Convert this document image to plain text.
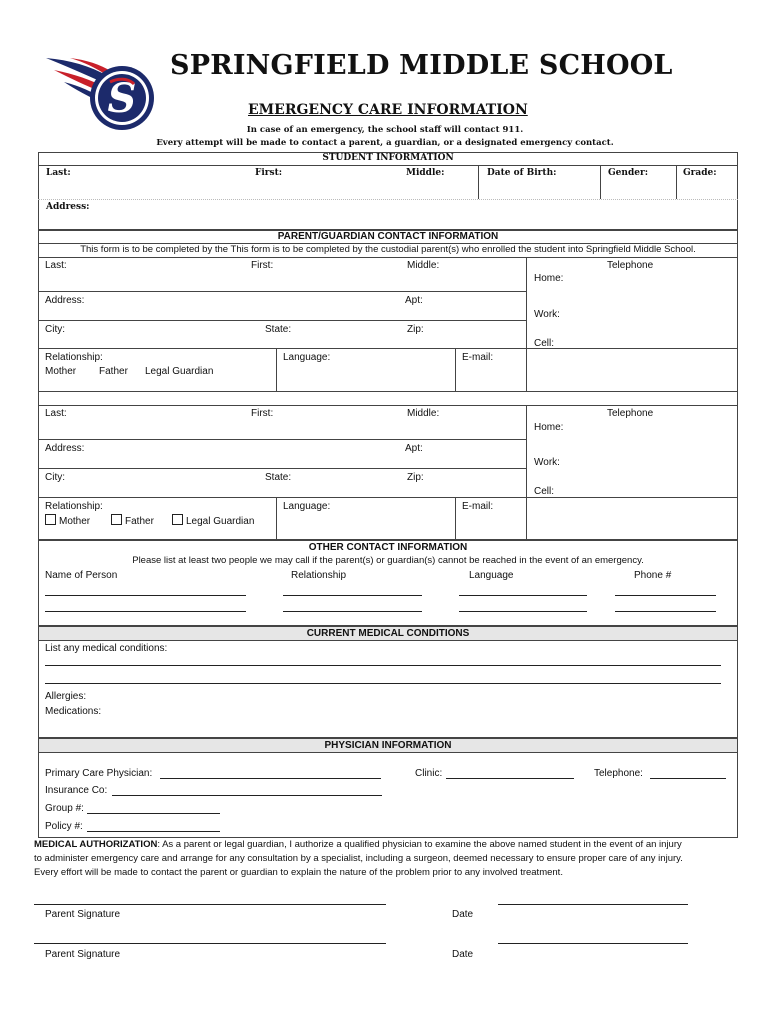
S
SPRINGFIELD MIDDLE SCHOOL
EMERGENCY CARE INFORMATION
In case of an emergency, the school staff will contact 911.
Every attempt will be made to contact a parent, a guardian, or a designated emergency contact.
STUDENT INFORMATION
Last:	First:	Middle:	Date of Birth:	Gender:	Grade:
Address:
PARENT/GUARDIAN CONTACT INFORMATION
This form is to be completed by the This form is to be completed by the custodial parent(s) who enrolled the student into Springfield Middle School.
Last:	First:	Middle:	Telephone
Home:
Address:	Apt:
Work:
City:	State:	Zip:
Cell:
Relationship:	Language:	E-mail:
Mother Father Legal Guardian
Last:	First:	Middle:	Telephone
Home:
Address:	Apt:
Work:
City:	State:	Zip:
Cell:
Relationship:	Language:	E-mail:
Mother	Father	Legal Guardian
OTHER CONTACT INFORMATION
Please list at least two people we may call if the parent(s) or guardian(s) cannot be reached in the event of an emergency.
Name of Person	Relationship	Language	Phone #
CURRENT MEDICAL CONDITIONS
List any medical conditions:
Allergies:
Medications:
PHYSICIAN INFORMATION
Primary Care Physician:	Clinic:	Telephone:
Insurance Co:
Group #:
Policy #:
MEDICAL AUTHORIZATION: As a parent or legal guardian, I authorize a qualified physician to examine the above named student in the event of an injury
to administer emergency care and arrange for any consultation by a specialist, including a surgeon, deemed necessary to ensure proper care of any injury.
Every effort will be made to contact the parent or guardian to explain the nature of the problem prior to any involved treatment.
Parent Signature	Date
Parent Signature	Date
